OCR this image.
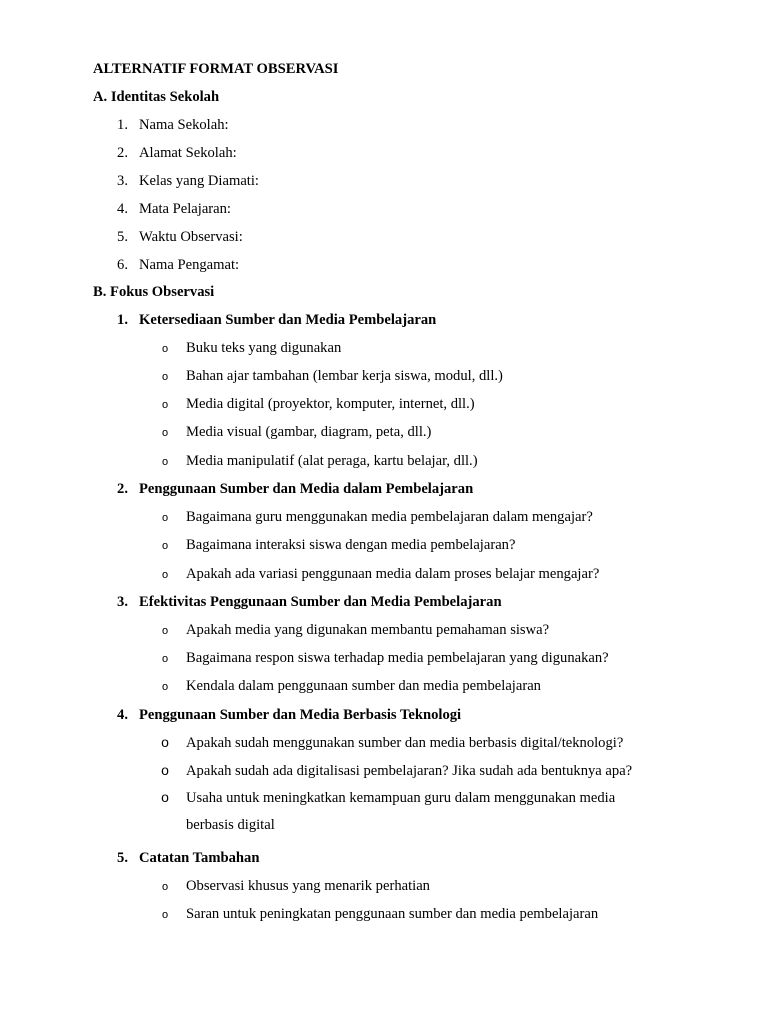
ALTERNATIF FORMAT OBSERVASI
A. Identitas Sekolah
1. Nama Sekolah:
2. Alamat Sekolah:
3. Kelas yang Diamati:
4. Mata Pelajaran:
5. Waktu Observasi:
6. Nama Pengamat:
B. Fokus Observasi
1. Ketersediaan Sumber dan Media Pembelajaran
o Buku teks yang digunakan
o Bahan ajar tambahan (lembar kerja siswa, modul, dll.)
o Media digital (proyektor, komputer, internet, dll.)
o Media visual (gambar, diagram, peta, dll.)
o Media manipulatif (alat peraga, kartu belajar, dll.)
2. Penggunaan Sumber dan Media dalam Pembelajaran
o Bagaimana guru menggunakan media pembelajaran dalam mengajar?
o Bagaimana interaksi siswa dengan media pembelajaran?
o Apakah ada variasi penggunaan media dalam proses belajar mengajar?
3. Efektivitas Penggunaan Sumber dan Media Pembelajaran
o Apakah media yang digunakan membantu pemahaman siswa?
o Bagaimana respon siswa terhadap media pembelajaran yang digunakan?
o Kendala dalam penggunaan sumber dan media pembelajaran
4. Penggunaan Sumber dan Media Berbasis Teknologi
o Apakah sudah menggunakan sumber dan media berbasis digital/teknologi?
o Apakah sudah ada digitalisasi pembelajaran? Jika sudah ada bentuknya apa?
o Usaha untuk meningkatkan kemampuan guru dalam menggunakan media
berbasis digital
5. Catatan Tambahan
o Observasi khusus yang menarik perhatian
o Saran untuk peningkatan penggunaan sumber dan media pembelajaran
